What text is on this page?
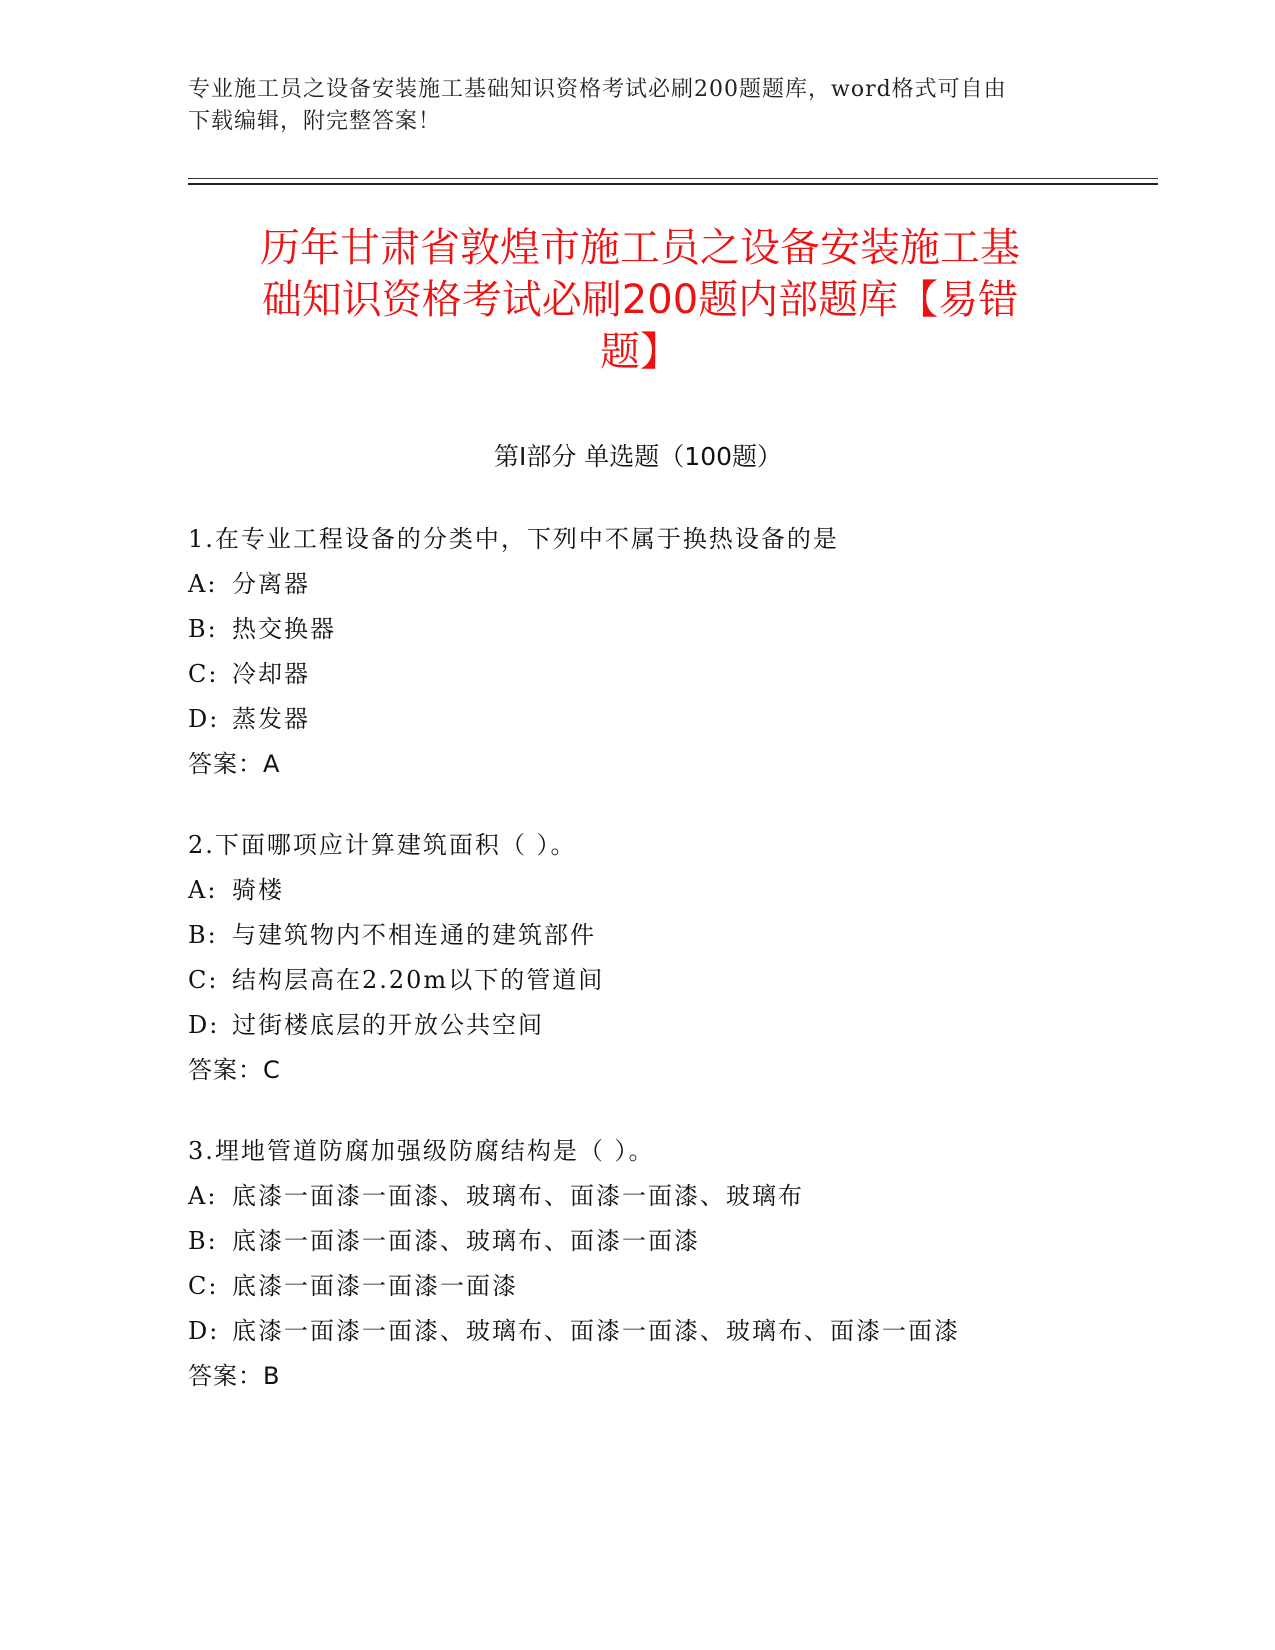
专业施工员之设备安装施工基础知识资格考试必刷200题题库，word格式可自由
下载编辑，附完整答案！
历年甘肃省敦煌市施工员之设备安装施工基
础知识资格考试必刷200题内部题库【易错
题】
第Ⅰ部分 单选题（100题）
1.在专业工程设备的分类中，下列中不属于换热设备的是
A: 分离器
B: 热交换器
C: 冷却器
D: 蒸发器
答案：A
2.下面哪项应计算建筑面积（ ）。
A: 骑楼
B: 与建筑物内不相连通的建筑部件
C: 结构层高在2.20m以下的管道间
D: 过街楼底层的开放公共空间
答案：C
3.埋地管道防腐加强级防腐结构是（ ）。
A: 底漆一面漆一面漆、玻璃布、面漆一面漆、玻璃布
B: 底漆一面漆一面漆、玻璃布、面漆一面漆
C: 底漆一面漆一面漆一面漆
D: 底漆一面漆一面漆、玻璃布、面漆一面漆、玻璃布、面漆一面漆
答案：B
